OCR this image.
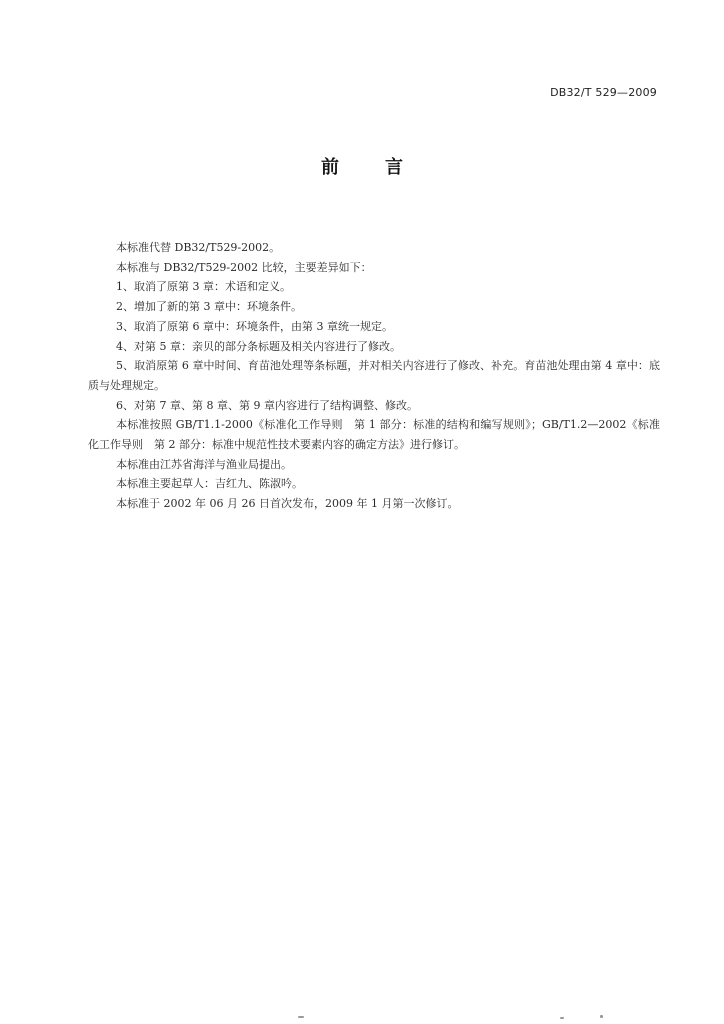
DB32/T 529—2009
前言

本标准代替 DB32/T529-2002。

本标准与 DB32/T529-2002 比较，主要差异如下：

1、取消了原第 3 章：术语和定义。

2、增加了新的第 3 章中：环境条件。

3、取消了原第 6 章中：环境条件，由第 3 章统一规定。

4、对第 5 章：亲贝的部分条标题及相关内容进行了修改。

5、取消原第 6 章中时间、育苗池处理等条标题，并对相关内容进行了修改、补充。育苗池处理由第 4 章中：底质与处理规定。

6、对第 7 章、第 8 章、第 9 章内容进行了结构调整、修改。

本标准按照 GB/T1.1-2000《标准化工作导则　第 1 部分：标准的结构和编写规则》；GB/T1.2—2002《标准化工作导则　第 2 部分：标准中规范性技术要素内容的确定方法》进行修订。

本标准由江苏省海洋与渔业局提出。

本标准主要起草人：吉红九、陈淑吟。

本标准于 2002 年 06 月 26 日首次发布，2009 年 1 月第一次修订。
